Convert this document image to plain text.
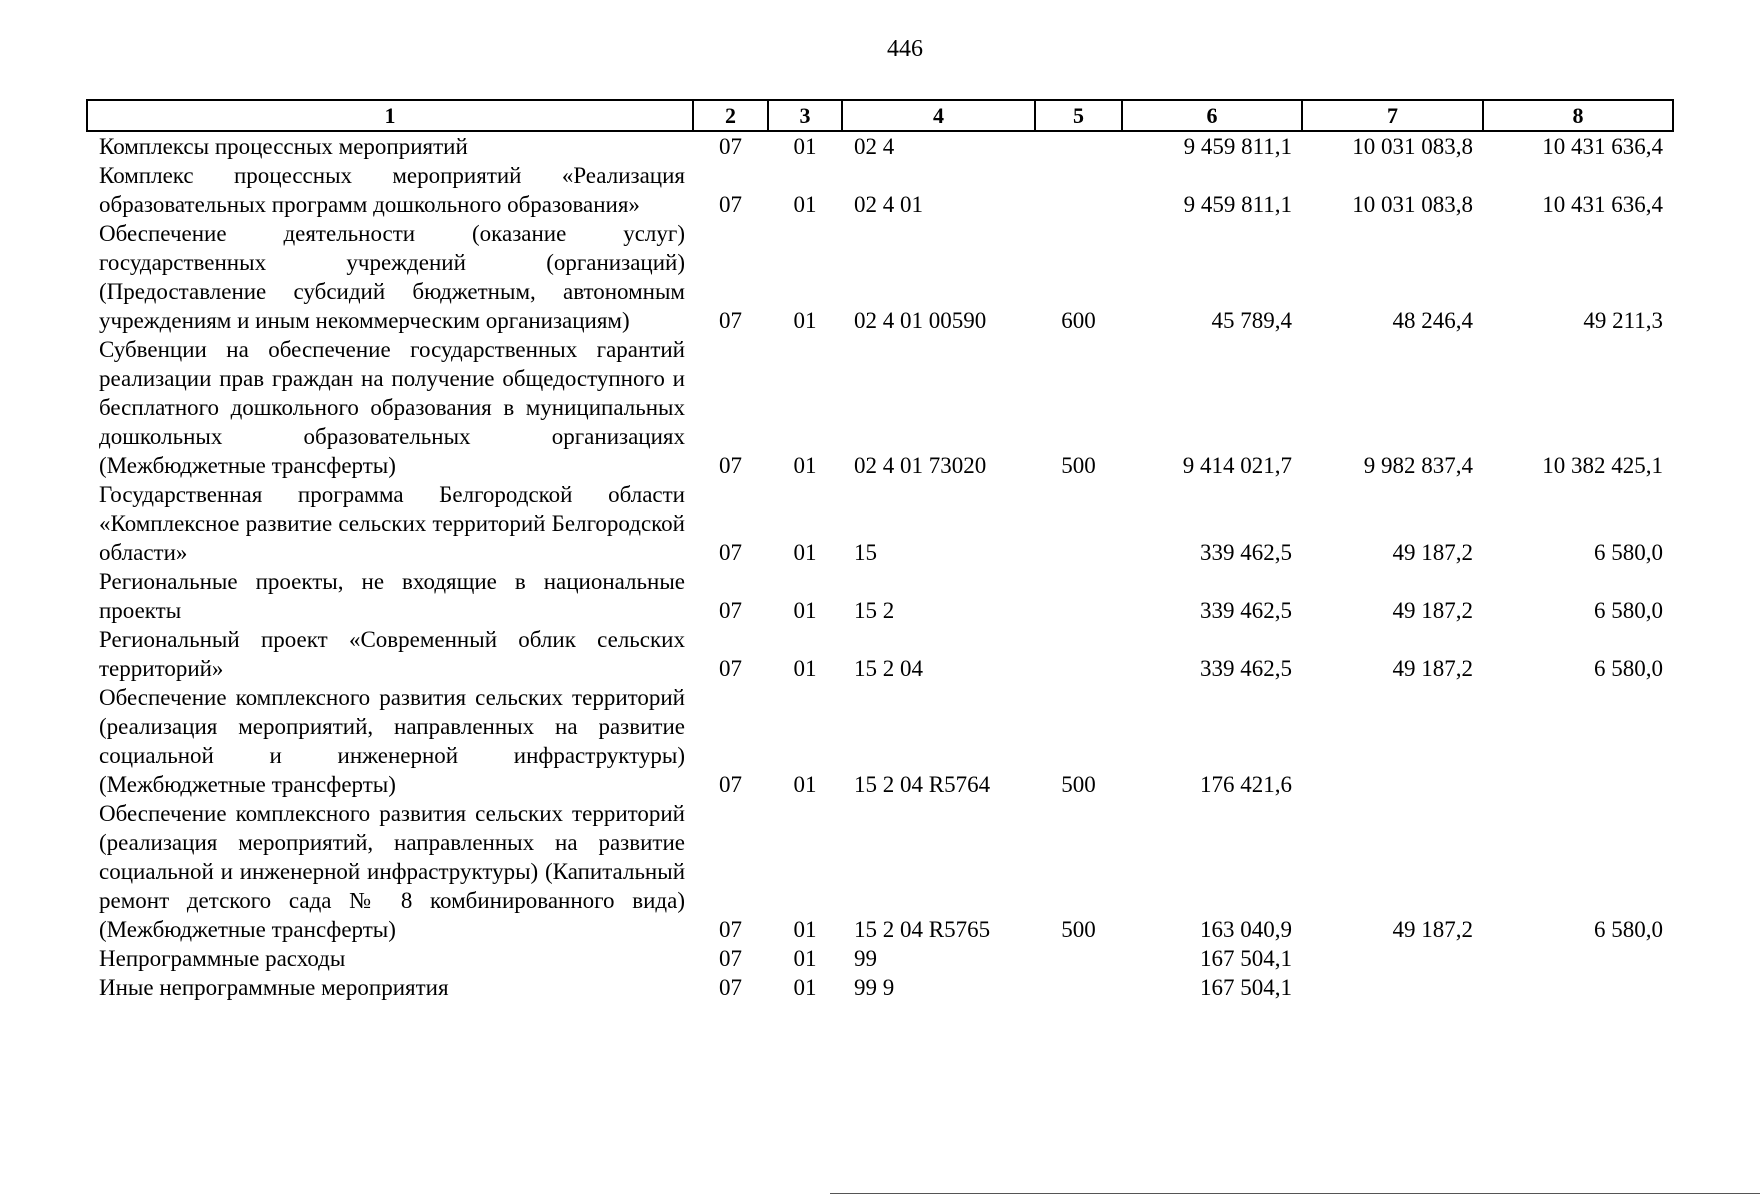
446
1	2	3	4	5	6	7	8
Комплексы процессных мероприятий	07	01	02 4		9 459 811,1	10 031 083,8	10 431 636,4
Комплекс процессных мероприятий «Реализация образовательных программ дошкольного образования»	07	01	02 4 01		9 459 811,1	10 031 083,8	10 431 636,4
Обеспечение деятельности (оказание услуг) государственных учреждений (организаций) (Предоставление субсидий бюджетным, автономным учреждениям и иным некоммерческим организациям)	07	01	02 4 01 00590	600	45 789,4	48 246,4	49 211,3
Субвенции на обеспечение государственных гарантий реализации прав граждан на получение общедоступного и бесплатного дошкольного образования в муниципальных дошкольных образовательных организациях (Межбюджетные трансферты)	07	01	02 4 01 73020	500	9 414 021,7	9 982 837,4	10 382 425,1
Государственная программа Белгородской области «Комплексное развитие сельских территорий Белгородской области»	07	01	15		339 462,5	49 187,2	6 580,0
Региональные проекты, не входящие в национальные проекты	07	01	15 2		339 462,5	49 187,2	6 580,0
Региональный проект «Современный облик сельских территорий»	07	01	15 2 04		339 462,5	49 187,2	6 580,0
Обеспечение комплексного развития сельских территорий (реализация мероприятий, направленных на развитие социальной и инженерной инфраструктуры) (Межбюджетные трансферты)	07	01	15 2 04 R5764	500	176 421,6		
Обеспечение комплексного развития сельских территорий (реализация мероприятий, направленных на развитие социальной и инженерной инфраструктуры) (Капитальный ремонт детского сада № 8 комбинированного вида) (Межбюджетные трансферты)	07	01	15 2 04 R5765	500	163 040,9	49 187,2	6 580,0
Непрограммные расходы	07	01	99		167 504,1		
Иные непрограммные мероприятия	07	01	99 9		167 504,1		
